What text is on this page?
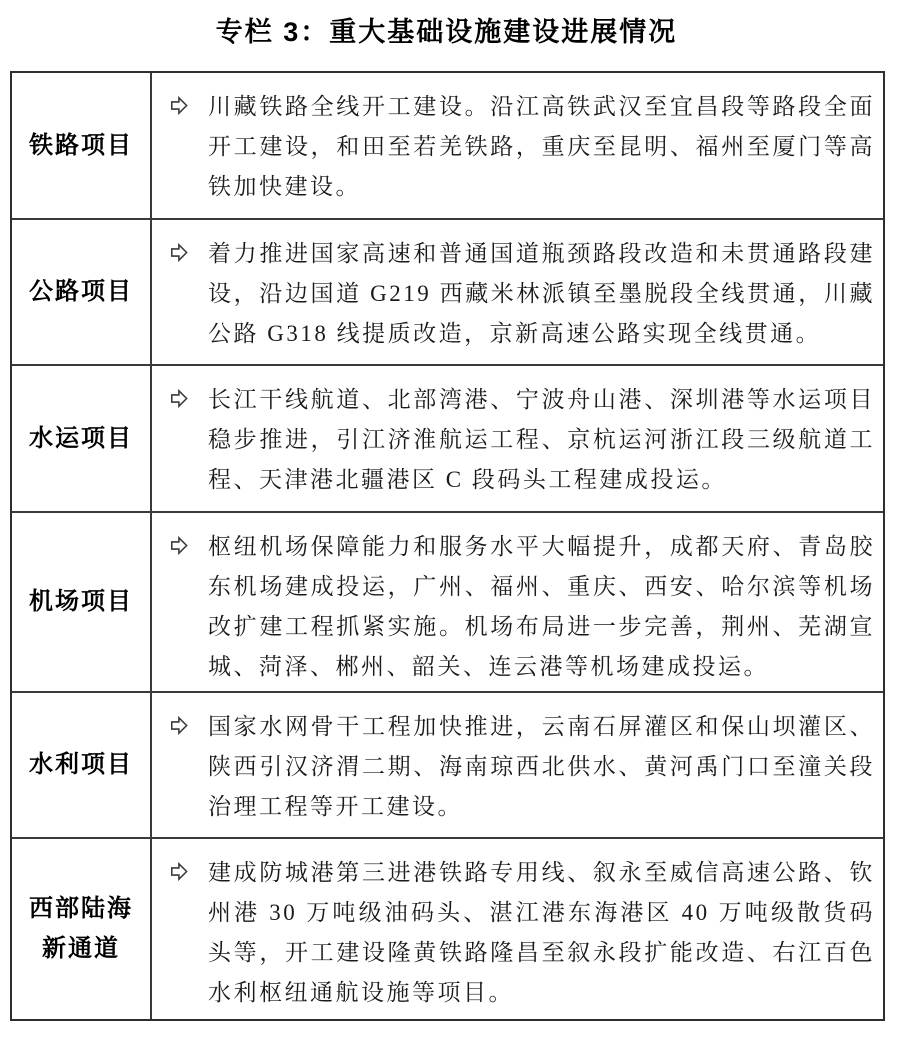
专栏 3：重大基础设施建设进展情况
铁路项目

川藏铁路全线开工建设。沿江高铁武汉至宜昌段等路段全面开工建设，和田至若羌铁路，重庆至昆明、福州至厦门等高铁加快建设。

公路项目

着力推进国家高速和普通国道瓶颈路段改造和未贯通路段建设，沿边国道 G219 西藏米林派镇至墨脱段全线贯通，川藏公路 G318 线提质改造，京新高速公路实现全线贯通。

水运项目

长江干线航道、北部湾港、宁波舟山港、深圳港等水运项目稳步推进，引江济淮航运工程、京杭运河浙江段三级航道工程、天津港北疆港区 C 段码头工程建成投运。

机场项目

枢纽机场保障能力和服务水平大幅提升，成都天府、青岛胶东机场建成投运，广州、福州、重庆、西安、哈尔滨等机场改扩建工程抓紧实施。机场布局进一步完善，荆州、芜湖宣城、菏泽、郴州、韶关、连云港等机场建成投运。

水利项目

国家水网骨干工程加快推进，云南石屏灌区和保山坝灌区、陕西引汉济渭二期、海南琼西北供水、黄河禹门口至潼关段治理工程等开工建设。

西部陆海
新通道

建成防城港第三进港铁路专用线、叙永至威信高速公路、钦州港 30 万吨级油码头、湛江港东海港区 40 万吨级散货码头等，开工建设隆黄铁路隆昌至叙永段扩能改造、右江百色水利枢纽通航设施等项目。
